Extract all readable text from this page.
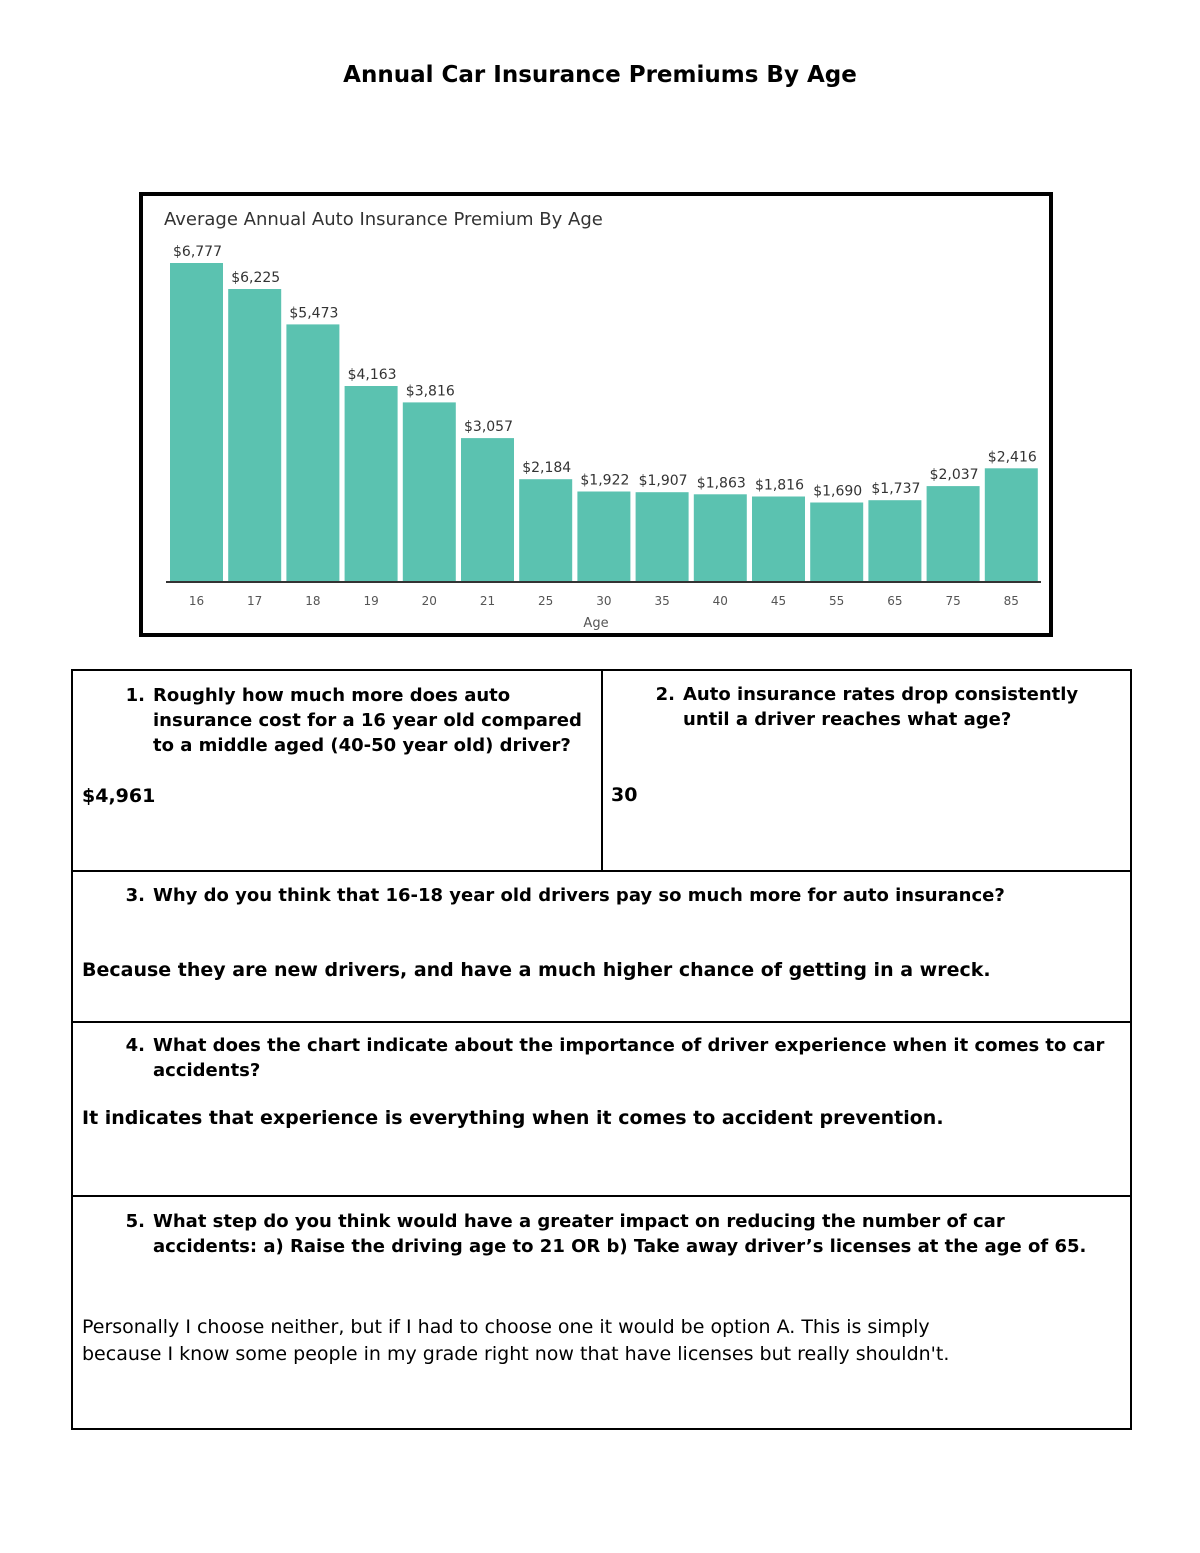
Annual Car Insurance Premiums By Age
Average Annual Auto Insurance Premium By Age
$6,777
$6,225
$5,473
$4,163
$3,816
$3,057
$2,184
$1,922 $1,907 $1,863 $1,816 $1,690 $1,737
$2,037
$2,416
16	17	18	19	20	21	25	30	35	40	45	55	65	75	85
Age
1. Roughly how much more does auto
insurance cost for a 16 year old compared
to a middle aged (40-50 year old) driver?
$4,961
2. Auto insurance rates drop consistently
until a driver reaches what age?
30
3. Why do you think that 16-18 year old drivers pay so much more for auto insurance?
Because they are new drivers, and have a much higher chance of getting in a wreck.
4. What does the chart indicate about the importance of driver experience when it comes to car
accidents?
It indicates that experience is everything when it comes to accident prevention.
5. What step do you think would have a greater impact on reducing the number of car
accidents: a) Raise the driving age to 21 OR b) Take away driver’s licenses at the age of 65.
Personally I choose neither, but if I had to choose one it would be option A. This is simply
because I know some people in my grade right now that have licenses but really shouldn't.
